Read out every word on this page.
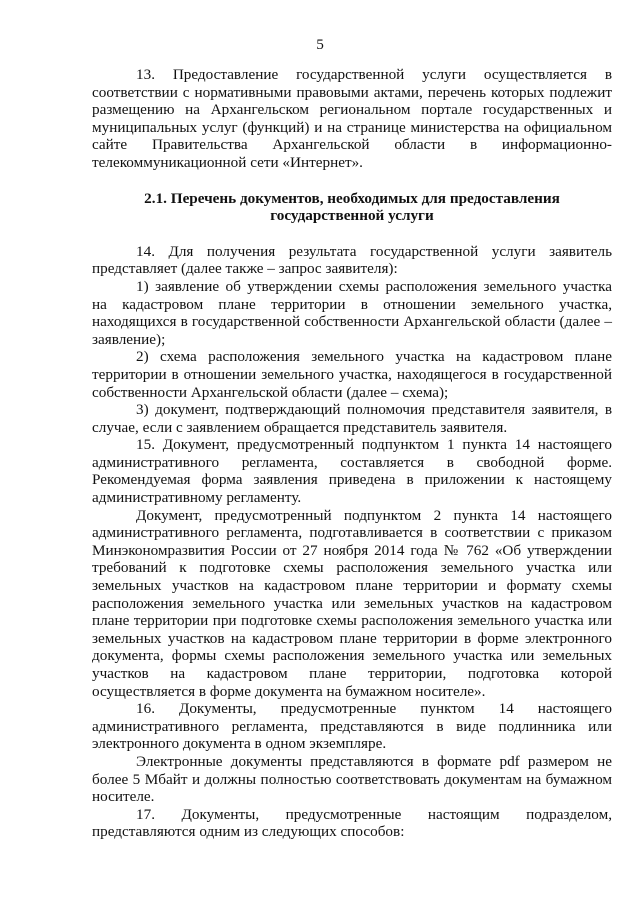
5

13. Предоставление государственной услуги осуществляется в соответствии с нормативными правовыми актами, перечень которых подлежит размещению на Архангельском региональном портале государственных и муниципальных услуг (функций) и на странице министерства на официальном сайте Правительства Архангельской области в информационно-телекоммуникационной сети «Интернет».

2.1. Перечень документов, необходимых для предоставления государственной услуги

14. Для получения результата государственной услуги заявитель представляет (далее также – запрос заявителя):

1) заявление об утверждении схемы расположения земельного участка на кадастровом плане территории в отношении земельного участка, находящихся в государственной собственности Архангельской области (далее – заявление);

2) схема расположения земельного участка на кадастровом плане территории в отношении земельного участка, находящегося в государственной собственности Архангельской области (далее – схема);

3) документ, подтверждающий полномочия представителя заявителя, в случае, если с заявлением обращается представитель заявителя.

15. Документ, предусмотренный подпунктом 1 пункта 14 настоящего административного регламента, составляется в свободной форме. Рекомендуемая форма заявления приведена в приложении к настоящему административному регламенту.

Документ, предусмотренный подпунктом 2 пункта 14 настоящего административного регламента, подготавливается в соответствии с приказом Минэкономразвития России от 27 ноября 2014 года № 762 «Об утверждении требований к подготовке схемы расположения земельного участка или земельных участков на кадастровом плане территории и формату схемы расположения земельного участка или земельных участков на кадастровом плане территории при подготовке схемы расположения земельного участка или земельных участков на кадастровом плане территории в форме электронного документа, формы схемы расположения земельного участка или земельных участков на кадастровом плане территории, подготовка которой осуществляется в форме документа на бумажном носителе».

16. Документы, предусмотренные пунктом 14 настоящего административного регламента, представляются в виде подлинника или электронного документа в одном экземпляре.

Электронные документы представляются в формате pdf размером не более 5 Мбайт и должны полностью соответствовать документам на бумажном носителе.

17. Документы, предусмотренные настоящим подразделом, представляются одним из следующих способов:
